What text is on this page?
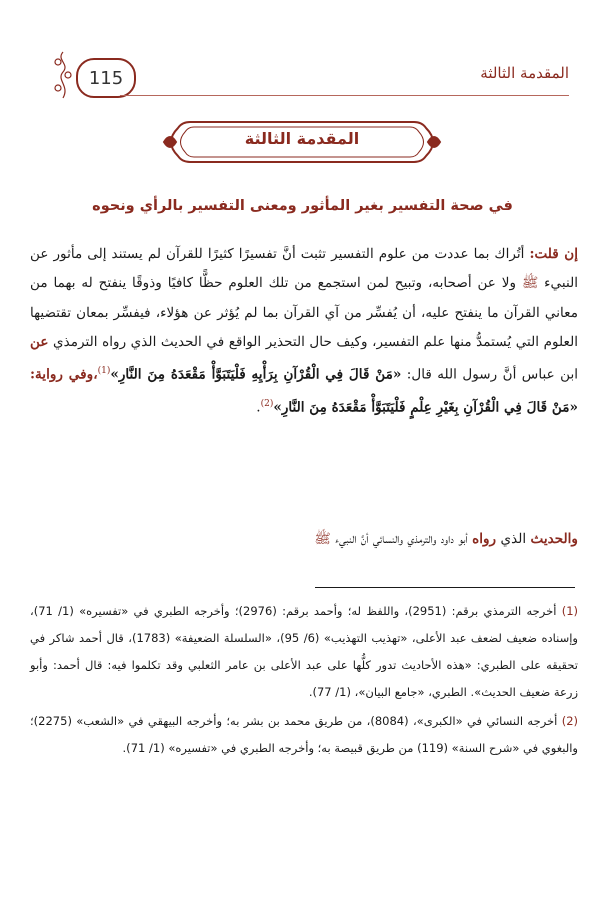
المقدمة الثالثة
115
المقدمة الثالثة
في صحة التفسير بغير المأثور ومعنى التفسير بالرأي ونحوه
إن قلت: أتُراك بما عددت من علوم التفسير تثبت أنَّ تفسيرًا كثيرًا للقرآن لم يستند إلى مأثور عن النبيء ﷺ ولا عن أصحابه، وتبيح لمن استجمع من تلك العلوم حظًّا كافيًا وذوقًا ينفتح له بهما من معاني القرآن ما ينفتح عليه، أن يُفسِّر من آي القرآن بما لم يُؤثر عن هؤلاء، فيفسِّر بمعان تقتضيها العلوم التي يُستمدُّ منها علم التفسير، وكيف حال التحذير الواقع في الحديث الذي رواه الترمذي عن ابن عباس أنَّ رسول الله قال: «مَنْ قَالَ فِي الْقُرْآنِ بِرَأْيِهِ فَلْيَتَبَوَّأْ مَقْعَدَهُ مِنَ النَّارِ»$^{(1)}$،وفي رواية: «مَنْ قَالَ فِي الْقُرْآنِ بِغَيْرِ عِلْمٍ فَلْيَتَبَوَّأْ مَقْعَدَهُ مِنَ النَّارِ»$^{(2)}$.
والحديث الذي رواه أبو داود والترمذي والنسائي أنَّ النبيء ﷺ

(1) أخرجه الترمذي برقم: (2951)، واللفظ له؛ وأحمد برقم: (2976)؛ وأخرجه الطبري في «تفسيره» (1/ 71)، وإسناده ضعيف لضعف عبد الأعلى، «تهذيب التهذيب» (6/ 95)، «السلسلة الضعيفة» (1783)، قال أحمد شاكر في تحقيقه على الطبري: «هذه الأحاديث تدور كلُّها على عبد الأعلى بن عامر الثعلبي وقد تكلموا فيه: قال أحمد: وأبو زرعة ضعيف الحديث». الطبري، «جامع البيان»، (1/ 77).

(2) أخرجه النسائي في «الكبرى»، (8084)، من طريق محمد بن بشر به؛ وأخرجه البيهقي في «الشعب» (2275)؛ والبغوي في «شرح السنة» (119) من طريق قبيصة به؛ وأخرجه الطبري في «تفسيره» (1/ 71).
